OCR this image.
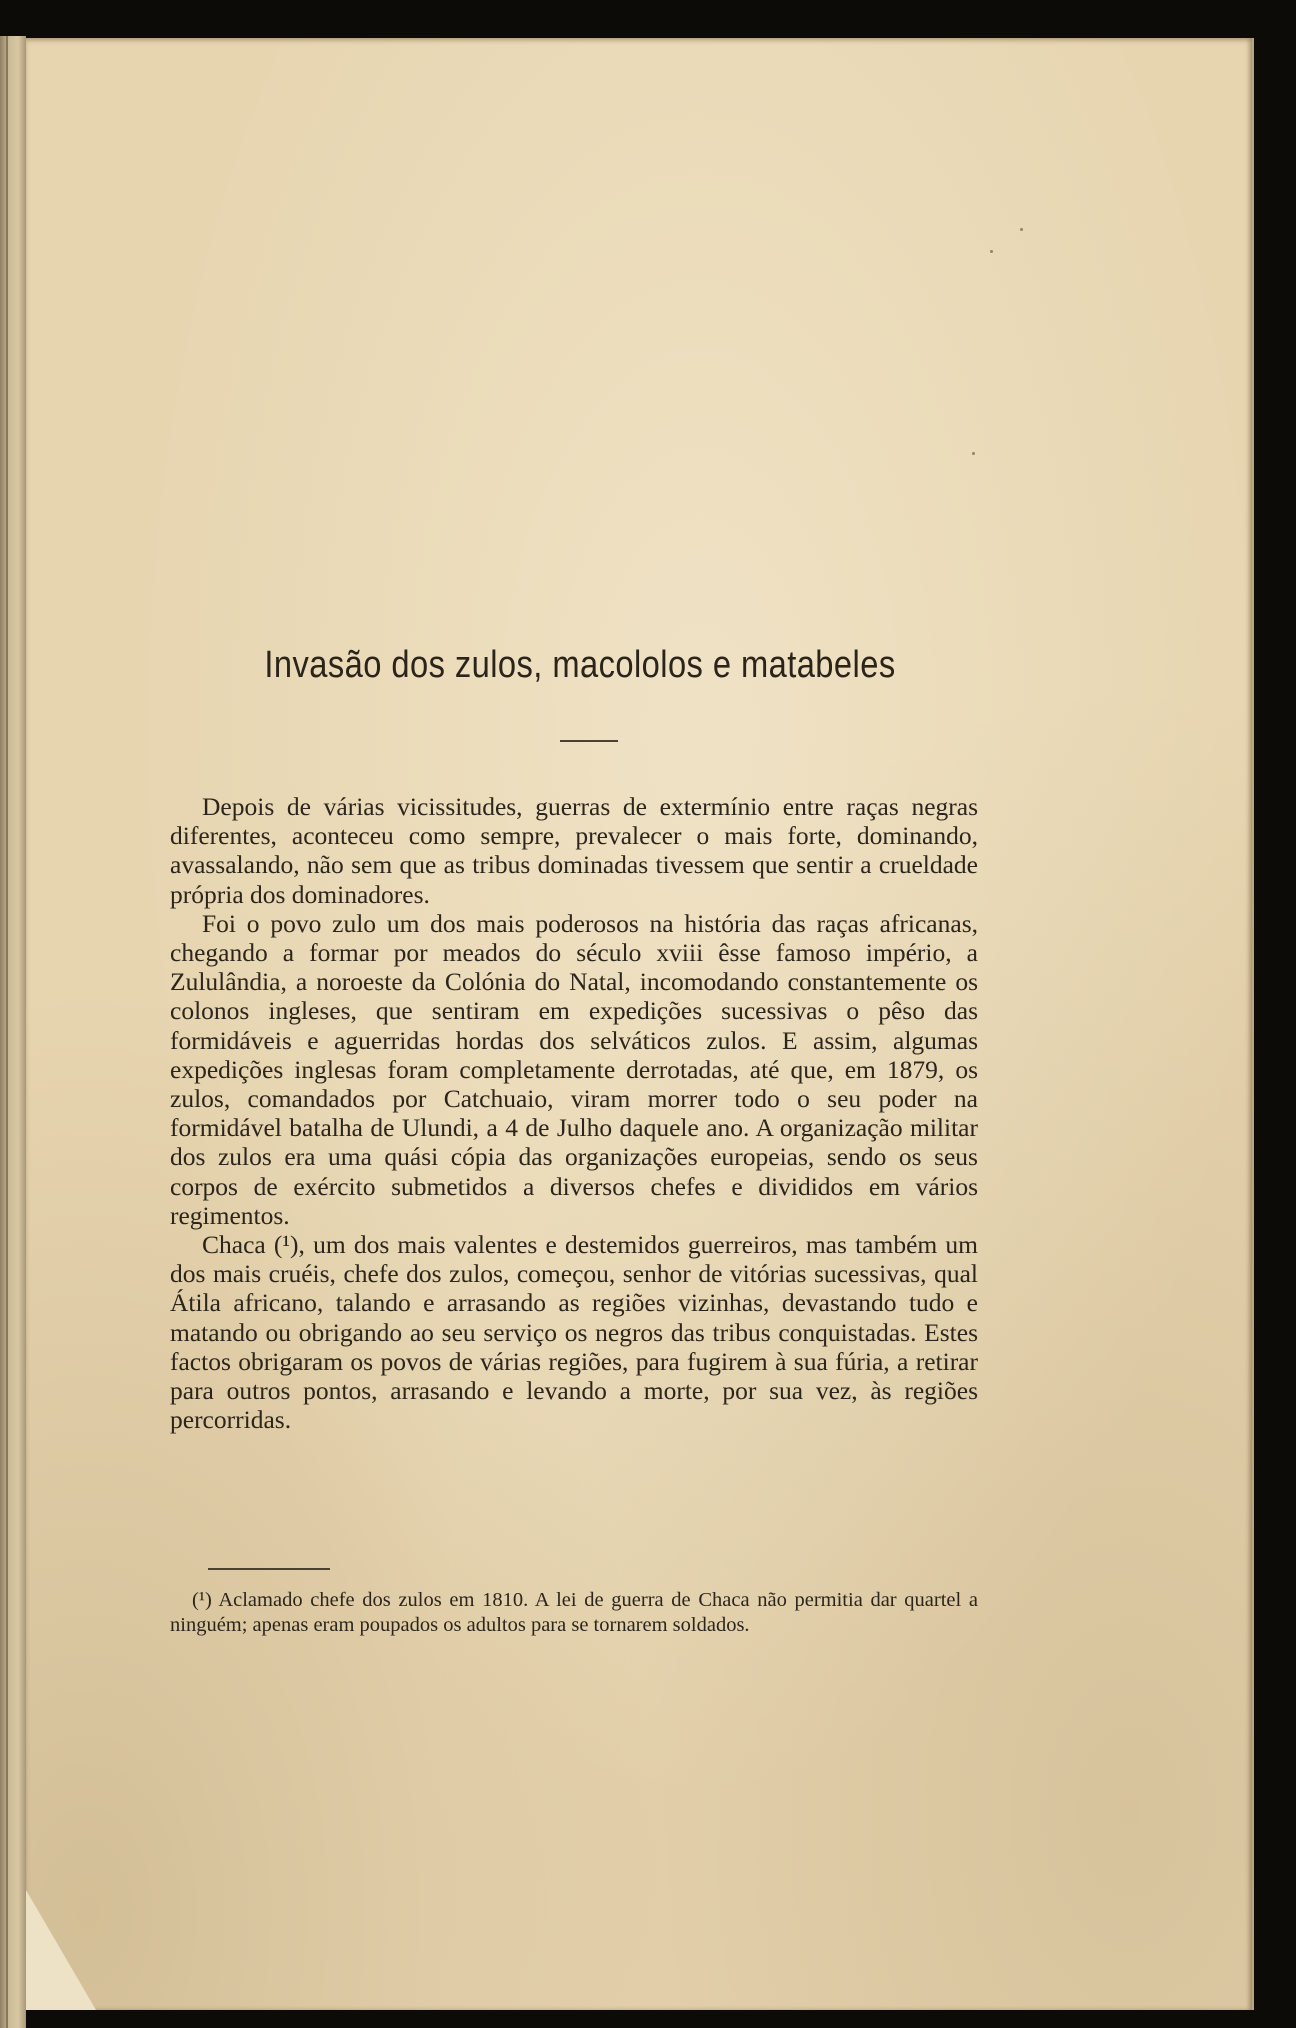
Invasão dos zulos, macololos e matabeles

Depois de várias vicissitudes, guerras de extermínio entre raças negras diferentes, aconteceu como sempre, prevalecer o mais forte, dominando, avassalando, não sem que as tribus dominadas tivessem que sentir a crueldade própria dos dominadores.

Foi o povo zulo um dos mais poderosos na história das raças africanas, chegando a formar por meados do século xviii êsse famoso império, a Zululândia, a noroeste da Colónia do Natal, incomodando constantemente os colonos ingleses, que sentiram em expedições sucessivas o pêso das formidáveis e aguerridas hordas dos selváticos zulos. E assim, algumas expedições inglesas foram completamente derrotadas, até que, em 1879, os zulos, comandados por Catchuaio, viram morrer todo o seu poder na formidável batalha de Ulundi, a 4 de Julho daquele ano. A organização militar dos zulos era uma quási cópia das organizações europeias, sendo os seus corpos de exército submetidos a diversos chefes e divididos em vários regimentos.

Chaca (¹), um dos mais valentes e destemidos guerreiros, mas também um dos mais cruéis, chefe dos zulos, começou, senhor de vitórias sucessivas, qual Átila africano, talando e arrasando as regiões vizinhas, devastando tudo e matando ou obrigando ao seu serviço os negros das tribus conquistadas. Estes factos obrigaram os povos de várias regiões, para fugirem à sua fúria, a retirar para outros pontos, arrasando e levando a morte, por sua vez, às regiões percorridas.

(¹) Aclamado chefe dos zulos em 1810. A lei de guerra de Chaca não permitia dar quartel a ninguém; apenas eram poupados os adultos para se tornarem soldados.
